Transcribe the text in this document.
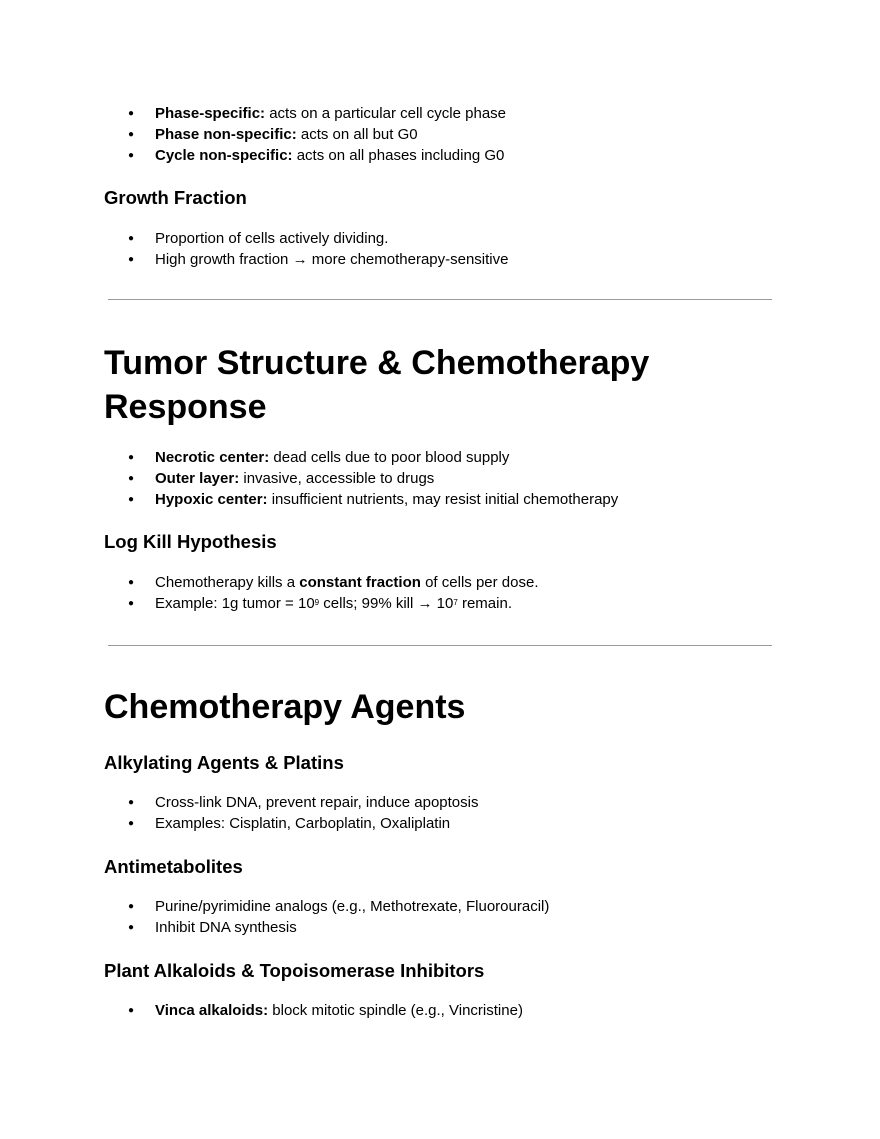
● Phase-specific: acts on a particular cell cycle phase
● Phase non-specific: acts on all but G0
● Cycle non-specific: acts on all phases including G0
Growth Fraction
● Proportion of cells actively dividing.
● High growth fraction → more chemotherapy-sensitive
Tumor Structure & Chemotherapy
Response
● Necrotic center: dead cells due to poor blood supply
● Outer layer: invasive, accessible to drugs
● Hypoxic center: insufficient nutrients, may resist initial chemotherapy
Log Kill Hypothesis
● Chemotherapy kills a constant fraction of cells per dose.
● Example: 1g tumor = $10^9$ cells; 99% kill → $10^7$ remain.
Chemotherapy Agents
Alkylating Agents & Platins
● Cross-link DNA, prevent repair, induce apoptosis
● Examples: Cisplatin, Carboplatin, Oxaliplatin
Antimetabolites
● Purine/pyrimidine analogs (e.g., Methotrexate, Fluorouracil)
● Inhibit DNA synthesis
Plant Alkaloids & Topoisomerase Inhibitors
● Vinca alkaloids: block mitotic spindle (e.g., Vincristine)
